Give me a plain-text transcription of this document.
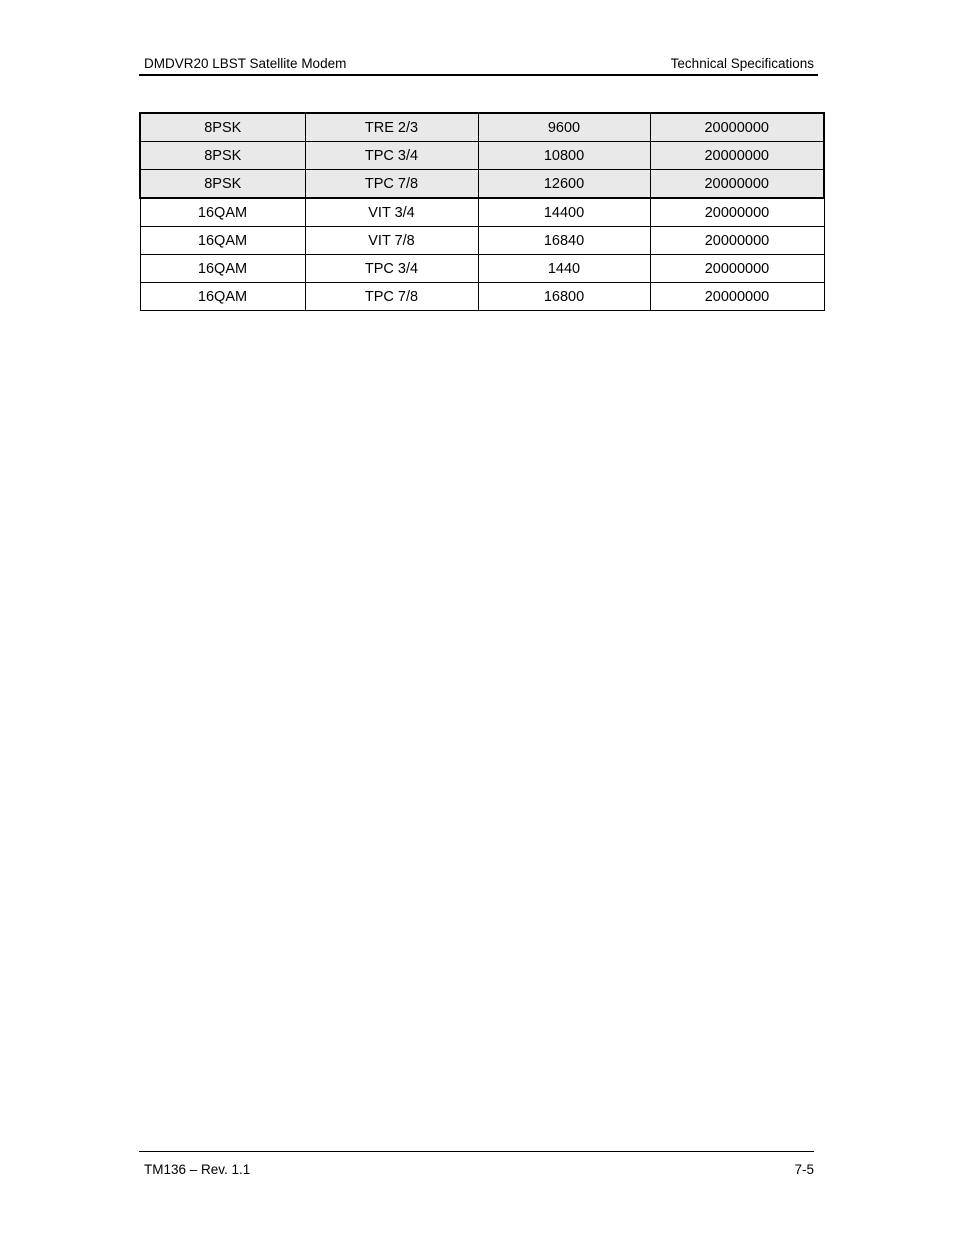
DMDVR20 LBST Satellite Modem	Technical Specifications
8PSK	TRE 2/3	9600	20000000
8PSK	TPC 3/4	10800	20000000
8PSK	TPC 7/8	12600	20000000
16QAM	VIT 3/4	14400	20000000
16QAM	VIT 7/8	16840	20000000
16QAM	TPC 3/4	1440	20000000
16QAM	TPC 7/8	16800	20000000
TM136 – Rev. 1.1	7-5
